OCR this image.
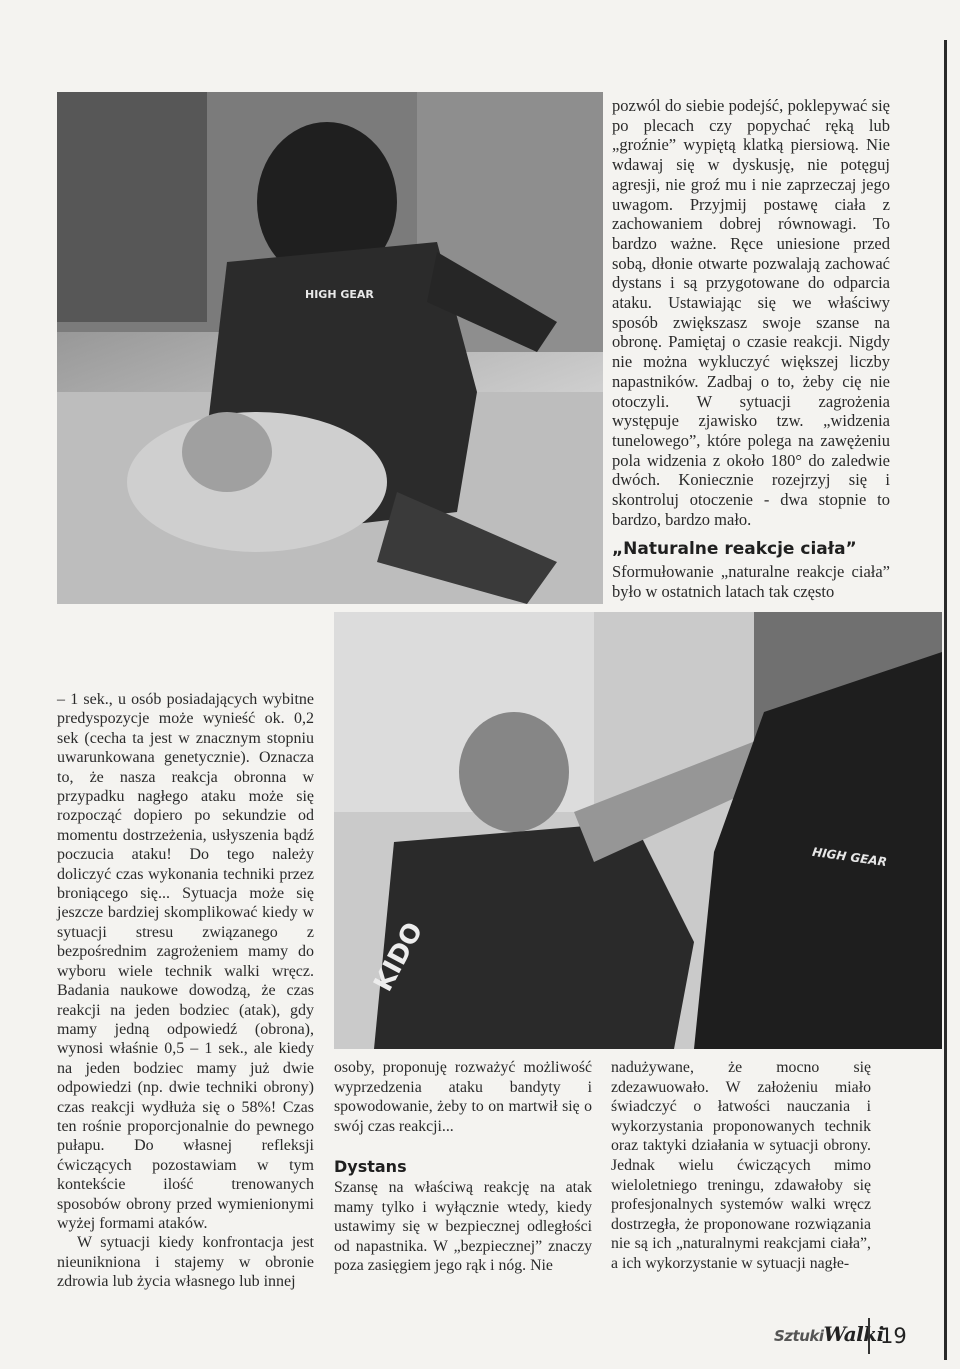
HIGH GEAR
KIDO
HIGH GEAR

pozwól do siebie podejść, poklepywać się po plecach czy popychać ręką lub „groźnie” wypiętą klatką piersiową. Nie wdawaj się w dyskusję, nie potęguj agresji, nie groź mu i nie zaprzeczaj jego uwagom. Przyjmij postawę ciała z zachowaniem dobrej równowagi. To bardzo ważne. Ręce uniesione przed sobą, dłonie otwarte pozwalają zachować dystans i są przygotowane do odparcia ataku. Ustawiając się we właściwy sposób zwiększasz swoje szanse na obronę. Pamiętaj o czasie reakcji. Nigdy nie można wykluczyć większej liczby napastników. Zadbaj o to, żeby cię nie otoczyli. W sytuacji zagrożenia występuje zjawisko tzw. „widzenia tunelowego”, które polega na zawężeniu pola widzenia z około 180° do zaledwie dwóch. Koniecznie rozejrzyj się i skontroluj otoczenie - dwa stopnie to bardzo, bardzo mało.

„Naturalne reakcje ciała”

Sformułowanie „naturalne reakcje ciała” było w ostatnich latach tak często

– 1 sek., u osób posiadających wybitne predyspozycje może wynieść ok. 0,2 sek (cecha ta jest w znacznym stopniu uwarunkowana genetycznie). Oznacza to, że nasza reakcja obronna w przypadku nagłego ataku może się rozpocząć dopiero po sekundzie od momentu dostrzeżenia, usłyszenia bądź poczucia ataku! Do tego należy doliczyć czas wykonania techniki przez broniącego się... Sytuacja może się jeszcze bardziej skomplikować kiedy w sytuacji stresu związanego z bezpośrednim zagrożeniem mamy do wyboru wiele technik walki wręcz. Badania naukowe dowodzą, że czas reakcji na jeden bodziec (atak), gdy mamy jedną odpowiedź (obrona), wynosi właśnie 0,5 – 1 sek., ale kiedy na jeden bodziec mamy już dwie odpowiedzi (np. dwie techniki obrony) czas reakcji wydłuża się o 58%! Czas ten rośnie proporcjonalnie do pewnego pułapu. Do własnej refleksji ćwiczących pozostawiam w tym kontekście ilość trenowanych sposobów obrony przed wymienionymi wyżej formami ataków.

W sytuacji kiedy konfrontacja jest nieunikniona i stajemy w obronie zdrowia lub życia własnego lub innej

osoby, proponuję rozważyć możliwość wyprzedzenia ataku bandyty i spowodowanie, żeby to on martwił się o swój czas reakcji...

Dystans

Szansę na właściwą reakcję na atak mamy tylko i wyłącznie wtedy, kiedy ustawimy się w bezpiecznej odległości od napastnika. W „bezpiecznej” znaczy poza zasięgiem jego rąk i nóg. Nie

nadużywane, że mocno się zdezawuowało. W założeniu miało świadczyć o łatwości nauczania i wykorzystania proponowanych technik oraz taktyki działania w sytuacji obrony. Jednak wielu ćwiczących mimo wieloletniego treningu, zdawałoby się profesjonalnych systemów walki wręcz dostrzegła, że proponowane rozwiązania nie są ich „naturalnymi reakcjami ciała”, a ich wykorzystanie w sytuacji nagłe-

SztukiWalki
19
